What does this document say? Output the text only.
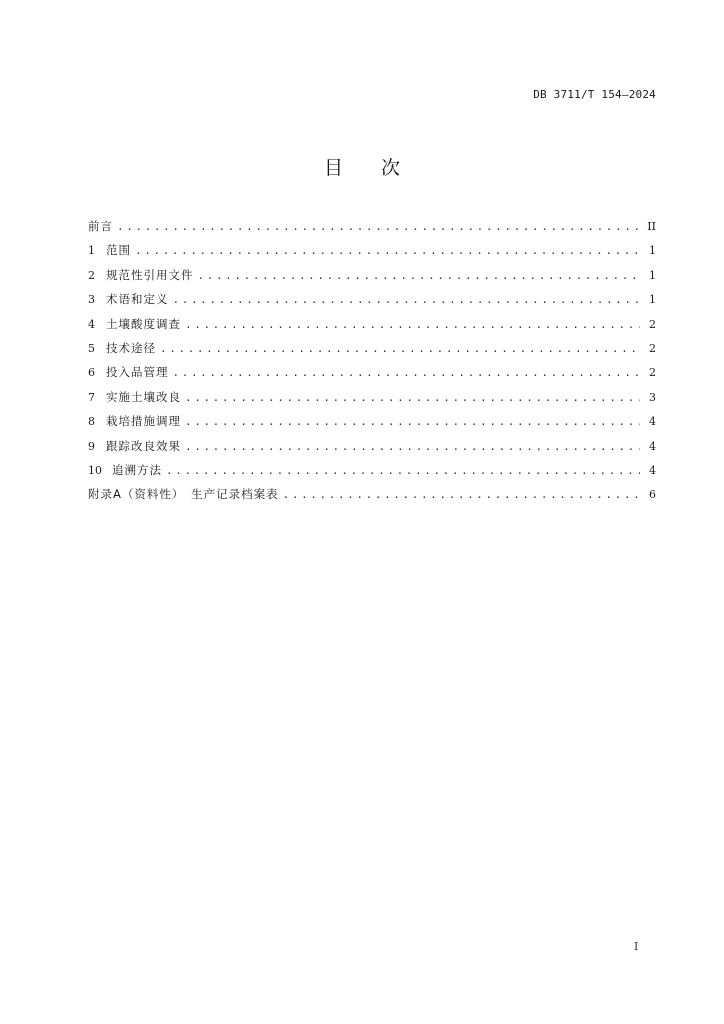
DB 3711/T 154—2024
目 次
前言 .....	II
1 范围 .....	1
2 规范性引用文件 .....	1
3 术语和定义 .....	1
4 土壤酸度调查 .....	2
5 技术途径 .....	2
6 投入品管理 .....	2
7 实施土壤改良 .....	3
8 栽培措施调理 .....	4
9 跟踪改良效果 .....	4
10 追溯方法 .....	4
附录A（资料性）　生产记录档案表 .....	6
I
